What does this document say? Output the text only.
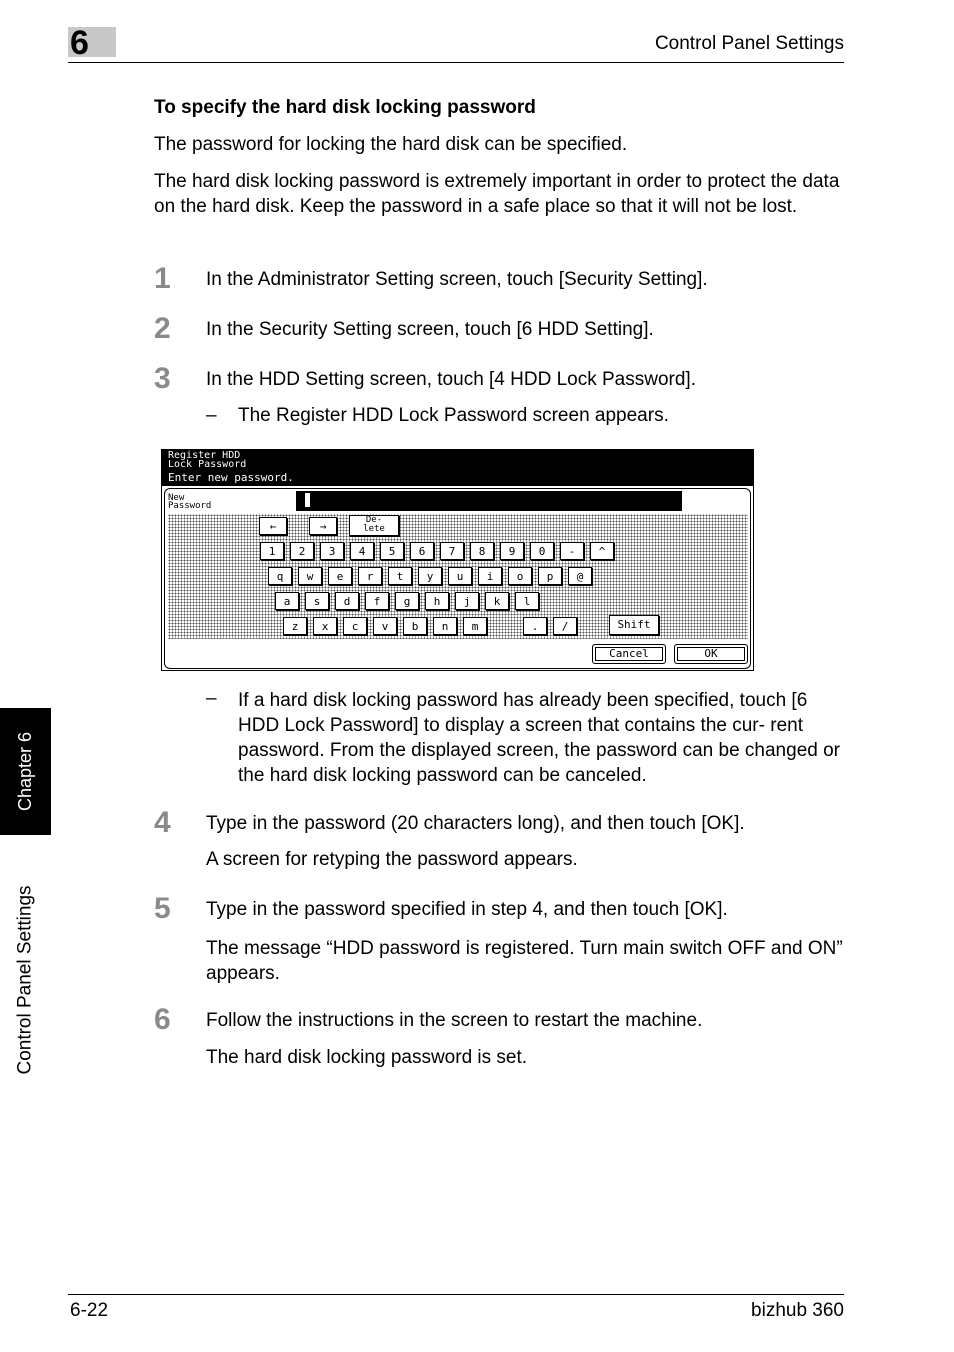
6	Control Panel Settings
Chapter 6
Control Panel Settings
To specify the hard disk locking password
The password for locking the hard disk can be specified.
The hard disk locking password is extremely important in order to protect the data on the hard disk. Keep the password in a safe place so that it will not be lost.
1 In the Administrator Setting screen, touch [Security Setting].
2 In the Security Setting screen, touch [6 HDD Setting].
3 In the HDD Setting screen, touch [4 HDD Lock Password].
– The Register HDD Lock Password screen appears.
Register HDD
Lock Password
Enter new password.
New
Password
←	→	De-
lete
1	2	3	4	5	6	7	8	9	0	-	^
q	w	e	r	t	y	u	i	o	p	@
a	s	d	f	g	h	j	k	l
z	x	c	v	b	n	m	.	/	Shift
Cancel	OK
– If a hard disk locking password has already been specified, touch [6 HDD Lock Password] to display a screen that contains the cur- rent password. From the displayed screen, the password can be changed or the hard disk locking password can be canceled.
4 Type in the password (20 characters long), and then touch [OK].
A screen for retyping the password appears.
5 Type in the password specified in step 4, and then touch [OK].
The message “HDD password is registered. Turn main switch OFF and ON” appears.
6 Follow the instructions in the screen to restart the machine.
The hard disk locking password is set.
6-22	bizhub 360
